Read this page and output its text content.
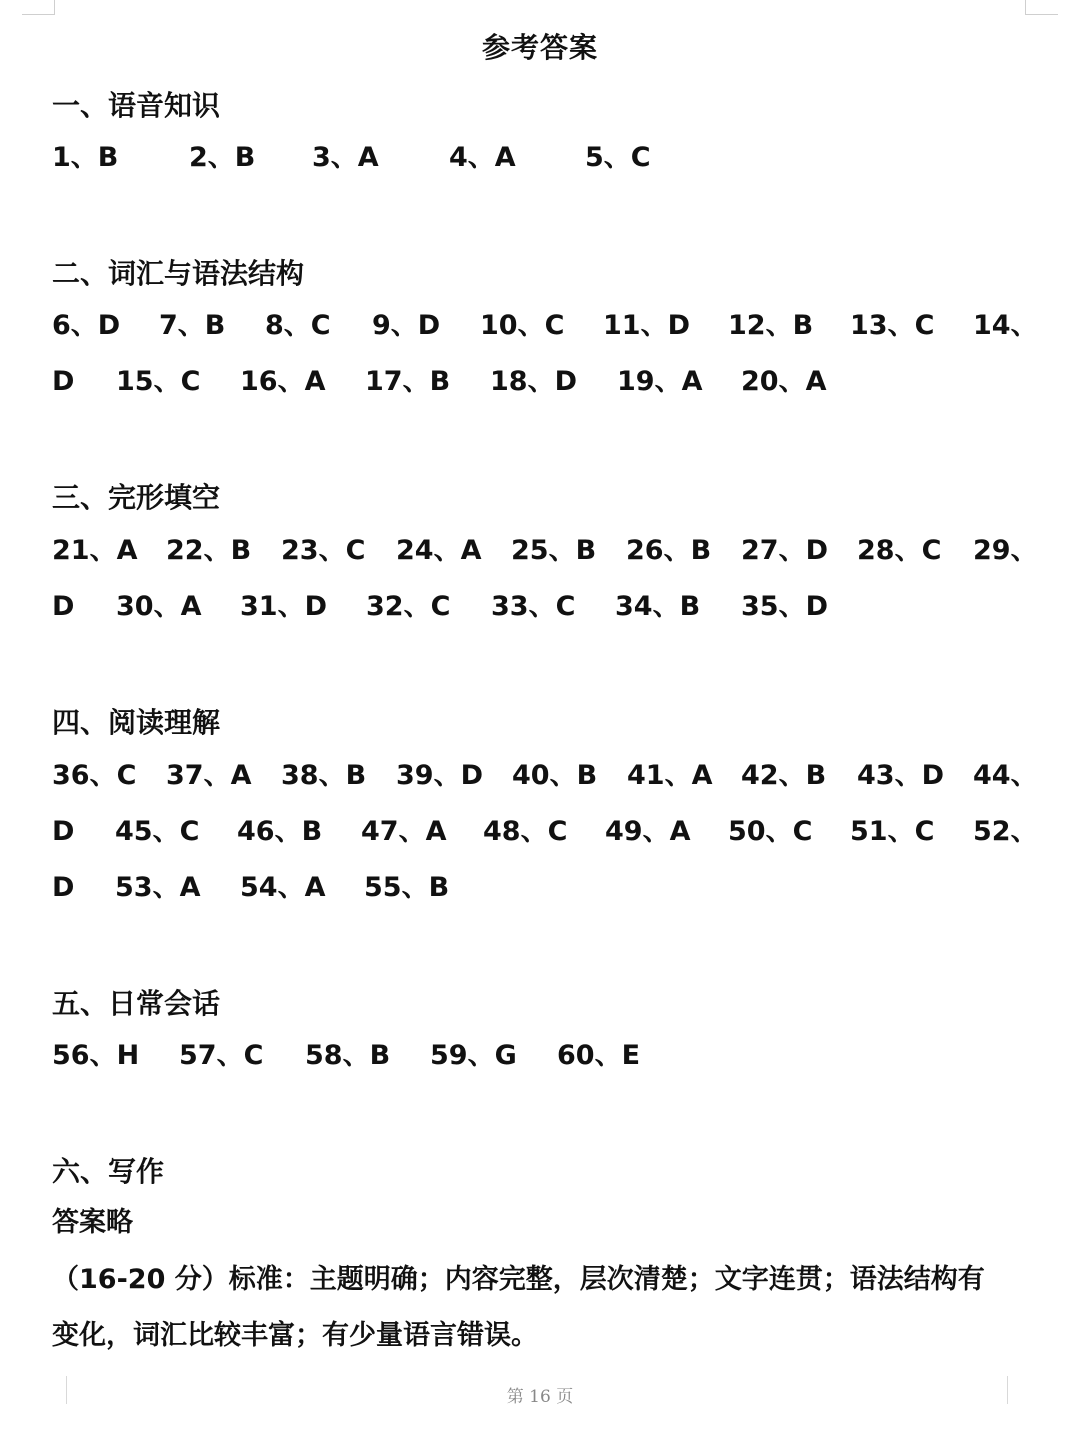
参考答案
一、语音知识
1、B	2、B 3、A	4、A	5、C
二、词汇与语法结构
6、D 7、B 8、C 9、D 10、C 11、D 12、B 13、C 14、
D 15、C 16、A 17、B 18、D 19、A 20、A
三、完形填空
21、A 22、B 23、C 24、A 25、B 26、B 27、D 28、C 29、
D 30、A 31、D 32、C 33、C 34、B 35、D
四、阅读理解
36、C 37、A 38、B 39、D 40、B 41、A 42、B 43、D 44、
D 45、C 46、B 47、A 48、C 49、A 50、C 51、C 52、
D 53、A 54、A 55、B
五、日常会话
56、H 57、C 58、B 59、G 60、E
六、写作
答案略
（16-20 分）标准：主题明确；内容完整，层次清楚；文字连贯；语法结构有
变化，词汇比较丰富；有少量语言错误。
第 16 页
